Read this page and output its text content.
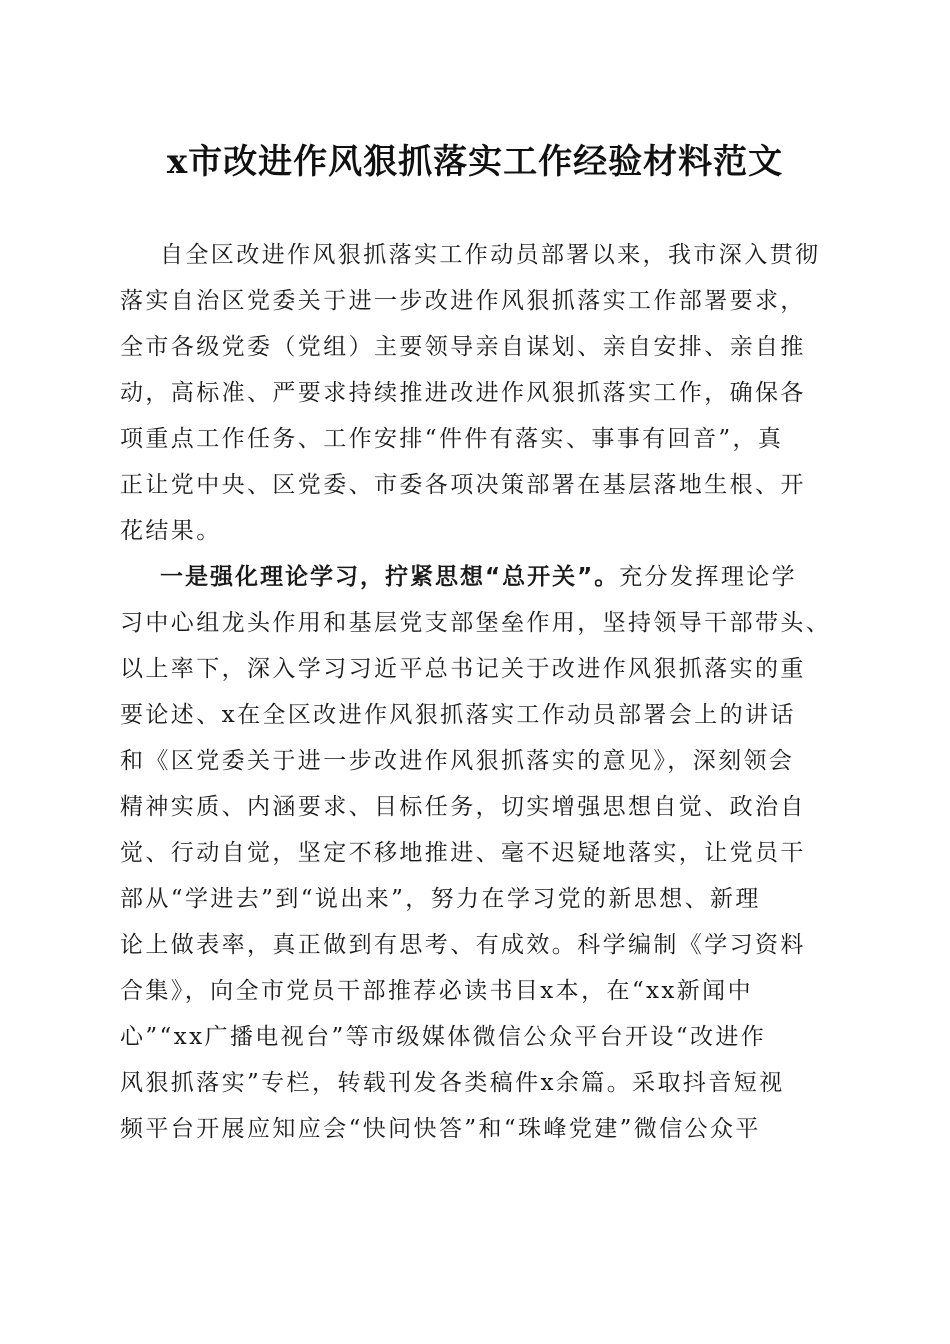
x市改进作风狠抓落实工作经验材料范文
自全区改进作风狠抓落实工作动员部署以来，我市深入贯彻
落实自治区党委关于进一步改进作风狠抓落实工作部署要求，
全市各级党委（党组）主要领导亲自谋划、亲自安排、亲自推
动，高标准、严要求持续推进改进作风狠抓落实工作，确保各
项重点工作任务、工作安排“件件有落实、事事有回音”，真
正让党中央、区党委、市委各项决策部署在基层落地生根、开
花结果。
一是强化理论学习，拧紧思想“总开关”。充分发挥理论学
习中心组龙头作用和基层党支部堡垒作用，坚持领导干部带头、
以上率下，深入学习习近平总书记关于改进作风狠抓落实的重
要论述、x在全区改进作风狠抓落实工作动员部署会上的讲话
和《区党委关于进一步改进作风狠抓落实的意见》，深刻领会
精神实质、内涵要求、目标任务，切实增强思想自觉、政治自
觉、行动自觉，坚定不移地推进、毫不迟疑地落实，让党员干
部从“学进去”到“说出来”，努力在学习党的新思想、新理
论上做表率，真正做到有思考、有成效。科学编制《学习资料
合集》，向全市党员干部推荐必读书目x本，在“xx新闻中
心”“xx广播电视台”等市级媒体微信公众平台开设“改进作
风狠抓落实”专栏，转载刊发各类稿件x余篇。采取抖音短视
频平台开展应知应会“快问快答”和“珠峰党建”微信公众平
